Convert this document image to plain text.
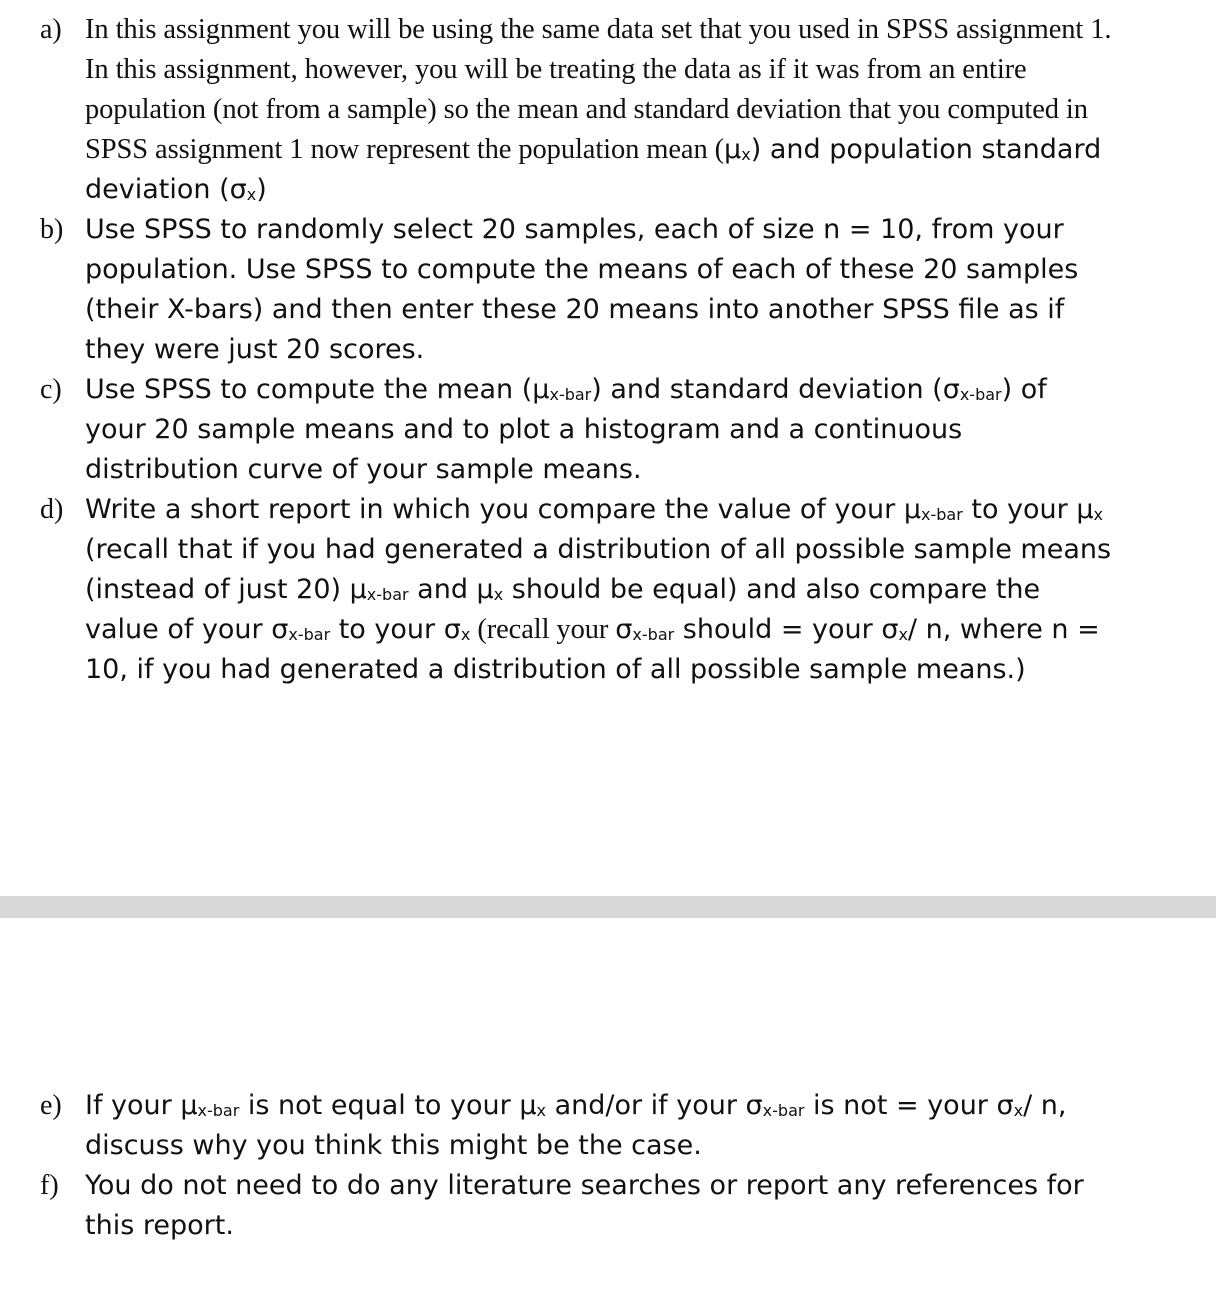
a) In this assignment you will be using the same data set that you used in SPSS assignment 1. In this assignment, however, you will be treating the data as if it was from an entire population (not from a sample) so the mean and standard deviation that you computed in SPSS assignment 1 now represent the population mean $(\mu_x)$ and population standard deviation $(\sigma_x)$

b) Use SPSS to randomly select 20 samples, each of size n = 10, from your population. Use SPSS to compute the means of each of these 20 samples (their X-bars) and then enter these 20 means into another SPSS file as if they were just 20 scores.

c) Use SPSS to compute the mean $(\mu_{x-bar})$ and standard deviation $(\sigma_{x-bar})$ of your 20 sample means and to plot a histogram and a continuous distribution curve of your sample means.

d) Write a short report in which you compare the value of your $\mu_{x-bar}$ to your $\mu_x$ (recall that if you had generated a distribution of all possible sample means (instead of just 20) $\mu_{x-bar}$ and $\mu_x$ should be equal) and also compare the value of your $\sigma_{x-bar}$ to your $\sigma_x$ (recall your $\sigma_{x-bar}$ should = your $\sigma_x/$ n, where n = 10, if you had generated a distribution of all possible sample means.)

e) If your $\mu_{x-bar}$ is not equal to your $\mu_x$ and/or if your $\sigma_{x-bar}$ is not = your $\sigma_x/$ n, discuss why you think this might be the case.

f) You do not need to do any literature searches or report any references for this report.
